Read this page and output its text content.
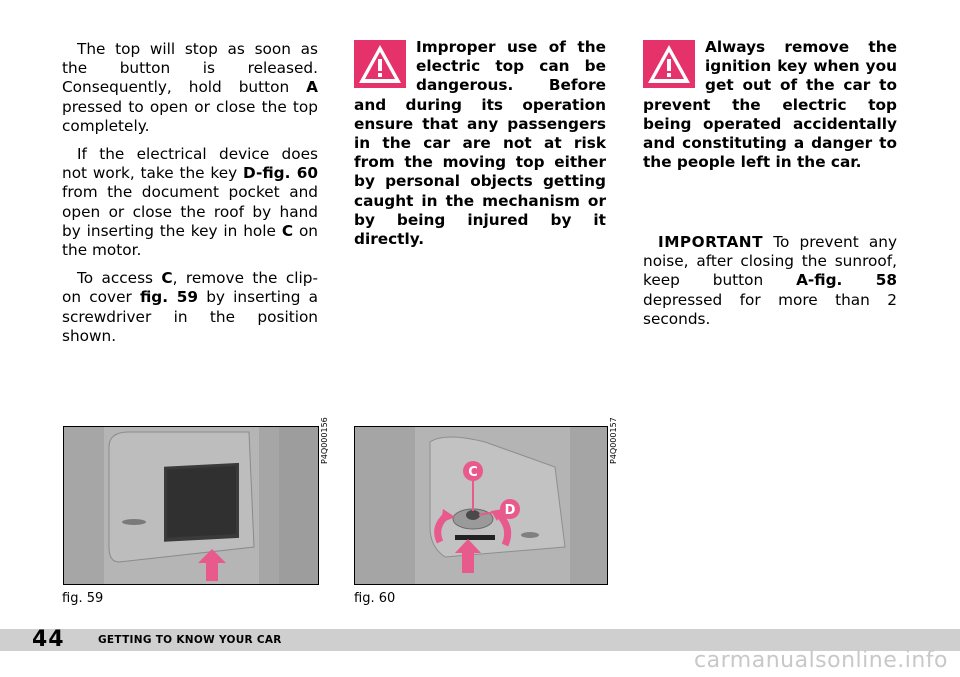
The top will stop as soon as the button is released. Consequently, hold button A pressed to open or close the top completely.

If the electrical device does not work, take the key D-fig. 60 from the document pocket and open or close the roof by hand by inserting the key in hole C on the motor.

To access C, remove the clip-on cover fig. 59 by inserting a screwdriver in the position shown.

Improper use of the electric top can be dangerous. Before and during its operation ensure that any passengers in the car are not at risk from the moving top either by personal objects getting caught in the mechanism or by being injured by it directly.
Always remove the ignition key when you get out of the car to prevent the electric top being operated accidentally and constituting a danger to the people left in the car.
IMPORTANT To prevent any noise, after closing the sunroof, keep button A-fig. 58 depressed for more than 2 seconds.
P4Q000156
fig. 59
C
D
P4Q000157
fig. 60
44	GETTING TO KNOW YOUR CAR
carmanualsonline.info
